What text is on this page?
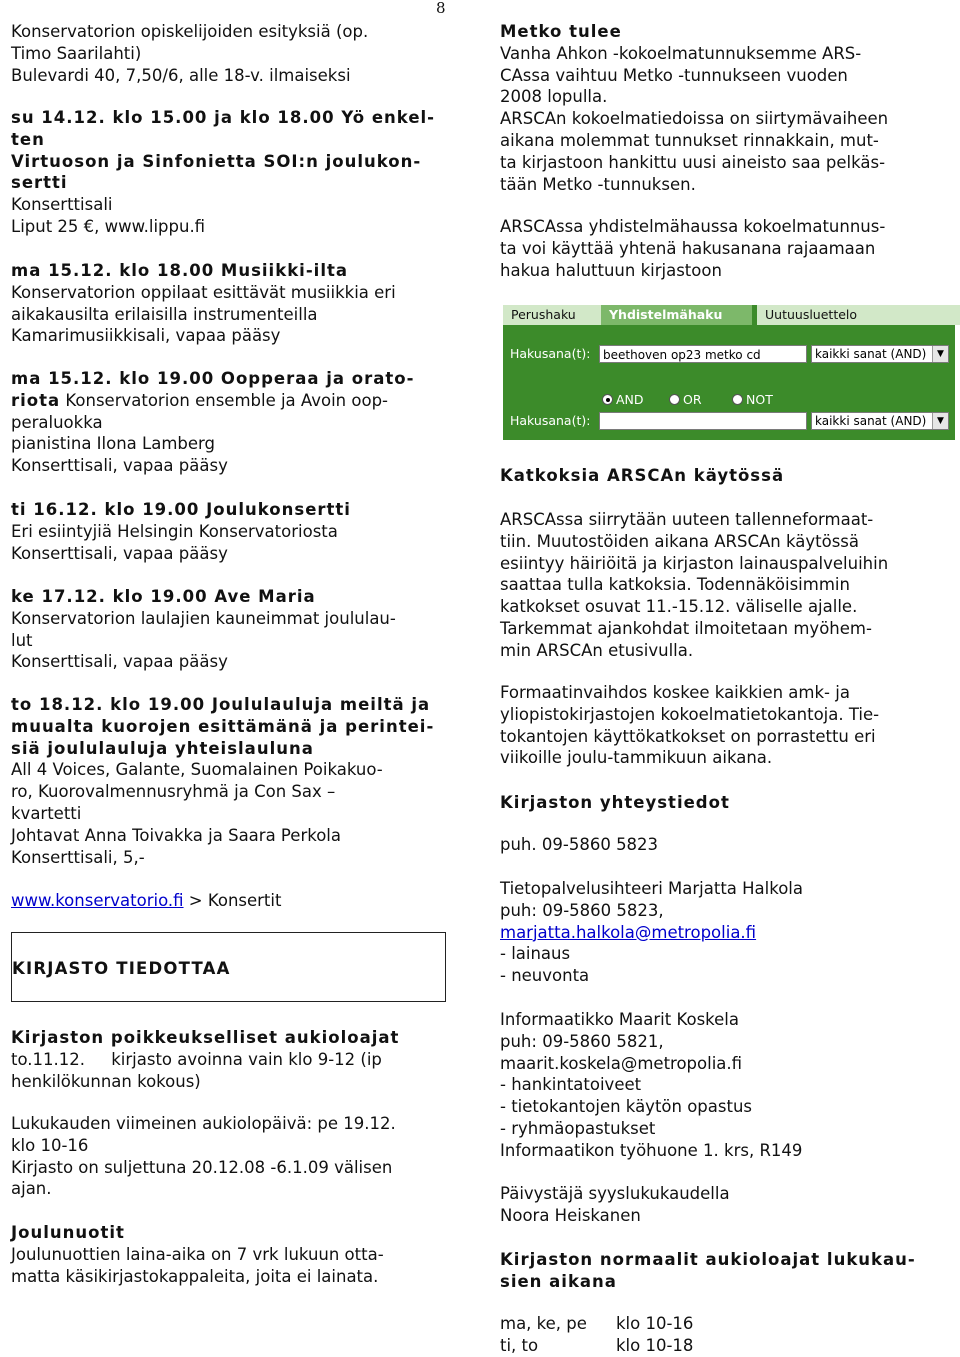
8
Konservatorion opiskelijoiden esityksiä (op.
Timo Saarilahti)
Bulevardi 40, 7,50/6, alle 18-v. ilmaiseksi
su 14.12. klo 15.00 ja klo 18.00 Yö enkel-
ten
Virtuoson ja Sinfonietta SOI:n joulukon-
sertti
Konserttisali
Liput 25 €, www.lippu.fi
ma 15.12. klo 18.00 Musiikki-ilta
Konservatorion oppilaat esittävät musiikkia eri
aikakausilta erilaisilla instrumenteilla
Kamarimusiikkisali, vapaa pääsy
ma 15.12. klo 19.00 Oopperaa ja orato-
riota Konservatorion ensemble ja Avoin oop-
peraluokka
pianistina Ilona Lamberg
Konserttisali, vapaa pääsy
ti 16.12. klo 19.00 Joulukonsertti
Eri esiintyjiä Helsingin Konservatoriosta
Konserttisali, vapaa pääsy
ke 17.12. klo 19.00 Ave Maria
Konservatorion laulajien kauneimmat joululau-
lut
Konserttisali, vapaa pääsy
to 18.12. klo 19.00 Joululauluja meiltä ja
muualta kuorojen esittämänä ja perintei-
siä joululauluja yhteislauluna
All 4 Voices, Galante, Suomalainen Poikakuo-
ro, Kuorovalmennusryhmä ja Con Sax –
kvartetti
Johtavat Anna Toivakka ja Saara Perkola
Konserttisali, 5,-
www.konservatorio.fi > Konsertit
KIRJASTO TIEDOTTAA
Kirjaston poikkeukselliset aukioloajat
to.11.12.     kirjasto avoinna vain klo 9-12 (ip
henkilökunnan kokous)
Lukukauden viimeinen aukiolopäivä: pe 19.12.
klo 10-16
Kirjasto on suljettuna 20.12.08 -6.1.09 välisen
ajan.
Joulunuotit
Joulunuottien laina-aika on 7 vrk lukuun otta-
matta käsikirjastokappaleita, joita ei lainata.
Metko tulee
Vanha Ahkon -kokoelmatunnuksemme ARS-
CAssa vaihtuu Metko -tunnukseen vuoden
2008 lopulla.
ARSCAn kokoelmatiedoissa on siirtymävaiheen
aikana molemmat tunnukset rinnakkain, mut-
ta kirjastoon hankittu uusi aineisto saa pelkäs-
tään Metko -tunnuksen.
ARSCAssa yhdistelmähaussa kokoelmatunnus-
ta voi käyttää yhtenä hakusanana rajaamaan
hakua haluttuun kirjastoon
Perushaku	Yhdistelmähaku	Uutuusluettelo
Hakusana(t):	beethoven op23 metko cd	kaikki sanat (AND)	▼
AND	OR	NOT
Hakusana(t):	kaikki sanat (AND)	▼
Katkoksia ARSCAn käytössä
ARSCAssa siirrytään uuteen tallenneformaat-
tiin. Muutostöiden aikana ARSCAn käytössä
esiintyy häiriöitä ja kirjaston lainauspalveluihin
saattaa tulla katkoksia. Todennäköisimmin
katkokset osuvat 11.-15.12. väliselle ajalle.
Tarkemmat ajankohdat ilmoitetaan myöhem-
min ARSCAn etusivulla.
Formaatinvaihdos koskee kaikkien amk- ja
yliopistokirjastojen kokoelmatietokantoja. Tie-
tokantojen käyttökatkokset on porrastettu eri
viikoille joulu-tammikuun aikana.
Kirjaston yhteystiedot
puh. 09-5860 5823
Tietopalvelusihteeri Marjatta Halkola
puh: 09-5860 5823,
marjatta.halkola@metropolia.fi
- lainaus
- neuvonta
Informaatikko Maarit Koskela
puh: 09-5860 5821,
maarit.koskela@metropolia.fi
- hankintatoiveet
- tietokantojen käytön opastus
- ryhmäopastukset
Informaatikon työhuone 1. krs, R149
Päivystäjä syyslukukaudella
Noora Heiskanen
Kirjaston normaalit aukioloajat lukukau-
sien aikana
ma, ke, pe klo 10-16
ti, to	klo 10-18
